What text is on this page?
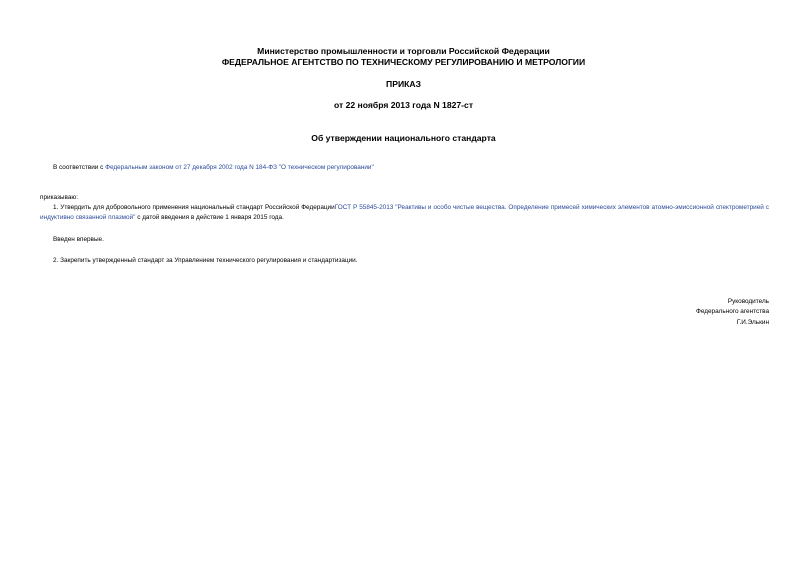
Министерство промышленности и торговли Российской Федерации
ФЕДЕРАЛЬНОЕ АГЕНТСТВО ПО ТЕХНИЧЕСКОМУ РЕГУЛИРОВАНИЮ И МЕТРОЛОГИИ
ПРИКАЗ
от 22 ноября 2013 года N 1827-ст
Об утверждении национального стандарта
В соответствии с Федеральным законом от 27 декабря 2002 года N 184-ФЗ "О техническом регулировании"
приказываю:
1. Утвердить для добровольного применения национальный стандарт Российской ФедерацииГОСТ Р 55845-2013 "Реактивы и особо чистые вещества. Определение примесей химических элементов атомно-эмиссионной спектрометрией с индуктивно связанной плазмой" с датой введения в действие 1 января 2015 года.
Введен впервые.
2. Закрепить утвержденный стандарт за Управлением технического регулирования и стандартизации.
Руководитель
Федерального агентства
Г.И.Элькин
